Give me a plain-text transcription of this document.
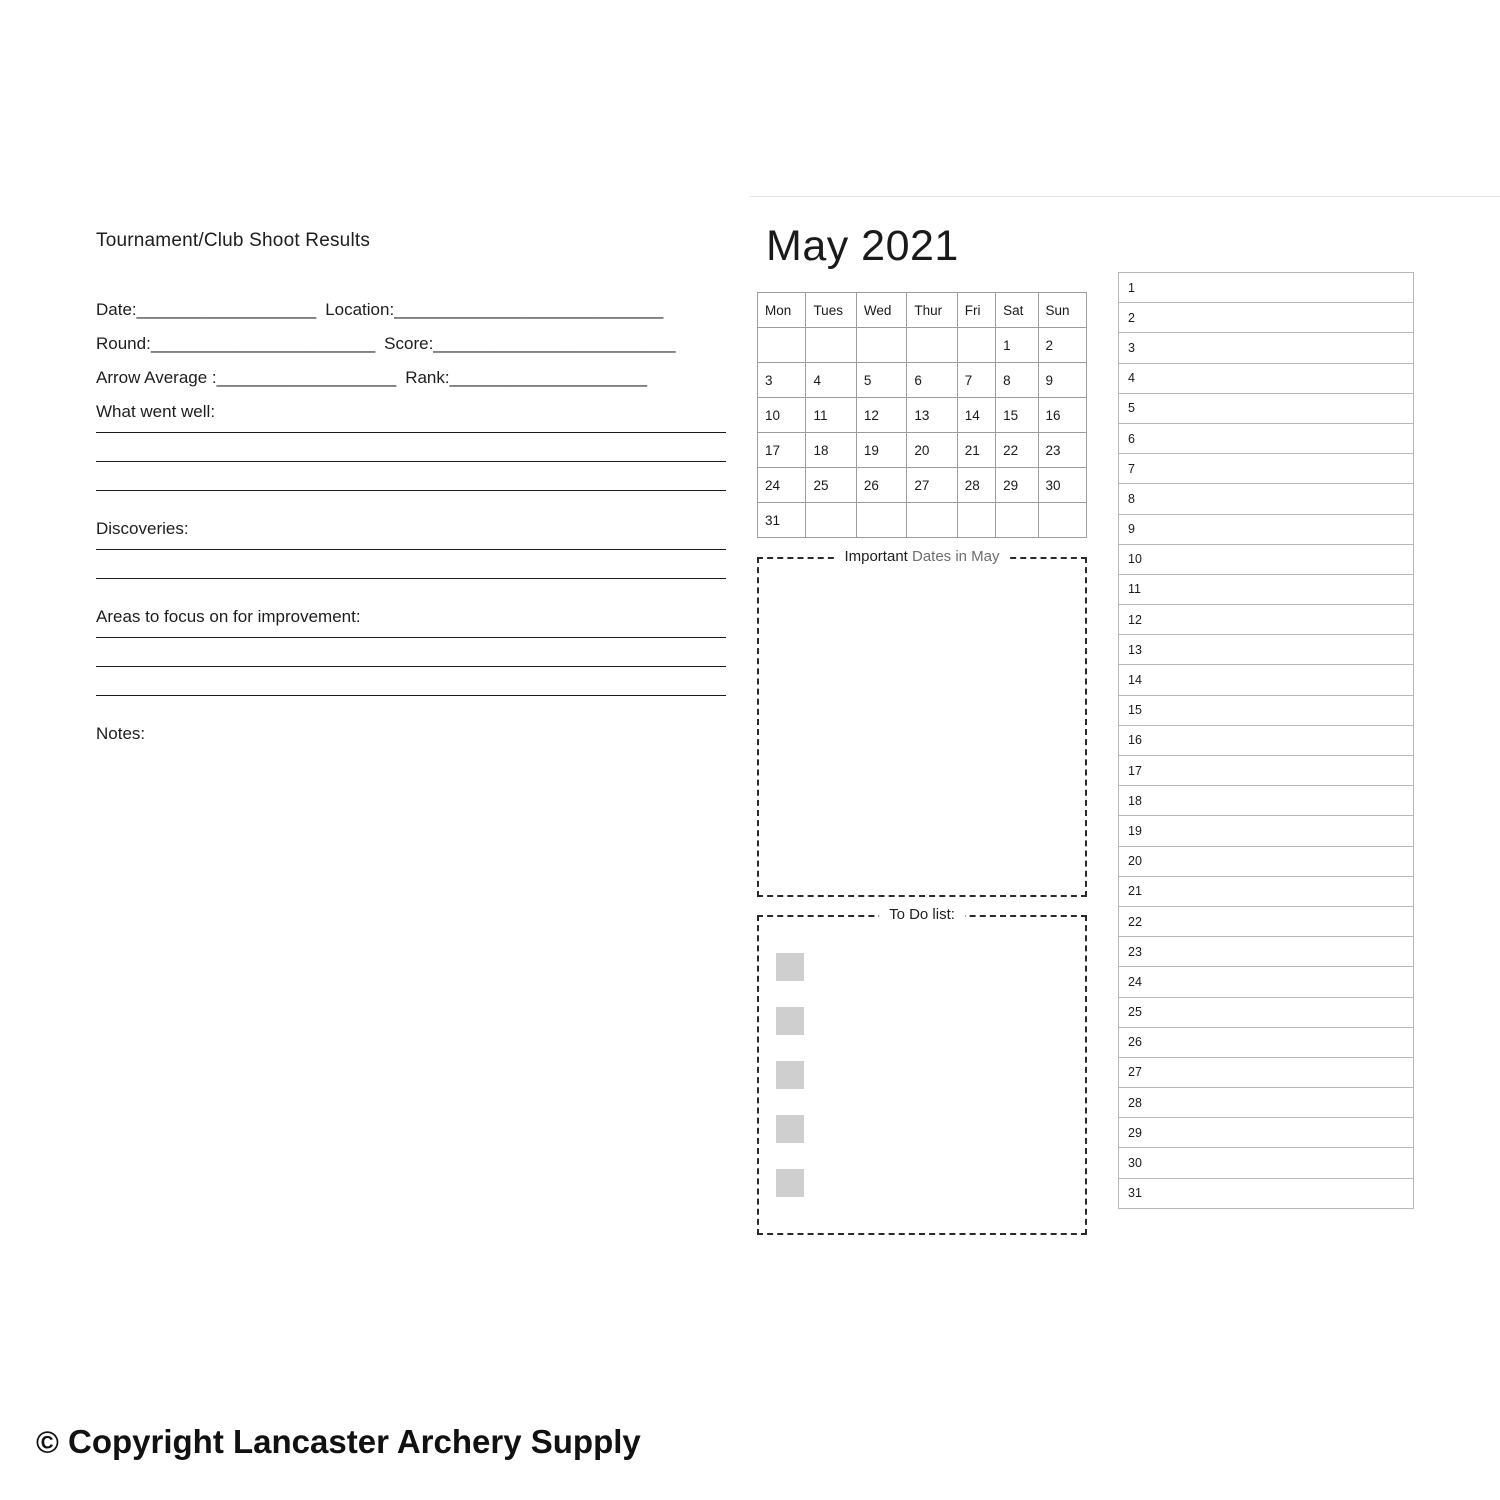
Tournament/Club Shoot Results
Date:____________________ Location:______________________________
Round:_________________________ Score:___________________________
Arrow Average :____________________ Rank:______________________
What went well:
Discoveries:
Areas to focus on for improvement:
Notes:
May 2021
Mon	Tues	Wed	Thur	Fri	Sat	Sun
					1	2
3	4	5	6	7	8	9
10	11	12	13	14	15	16
17	18	19	20	21	22	23
24	25	26	27	28	29	30
31						
Important Dates in May
To Do list:
1
2
3
4
5
6
7
8
9
10
11
12
13
14
15
16
17
18
19
20
21
22
23
24
25
26
27
28
29
30
31
© Copyright Lancaster Archery Supply
